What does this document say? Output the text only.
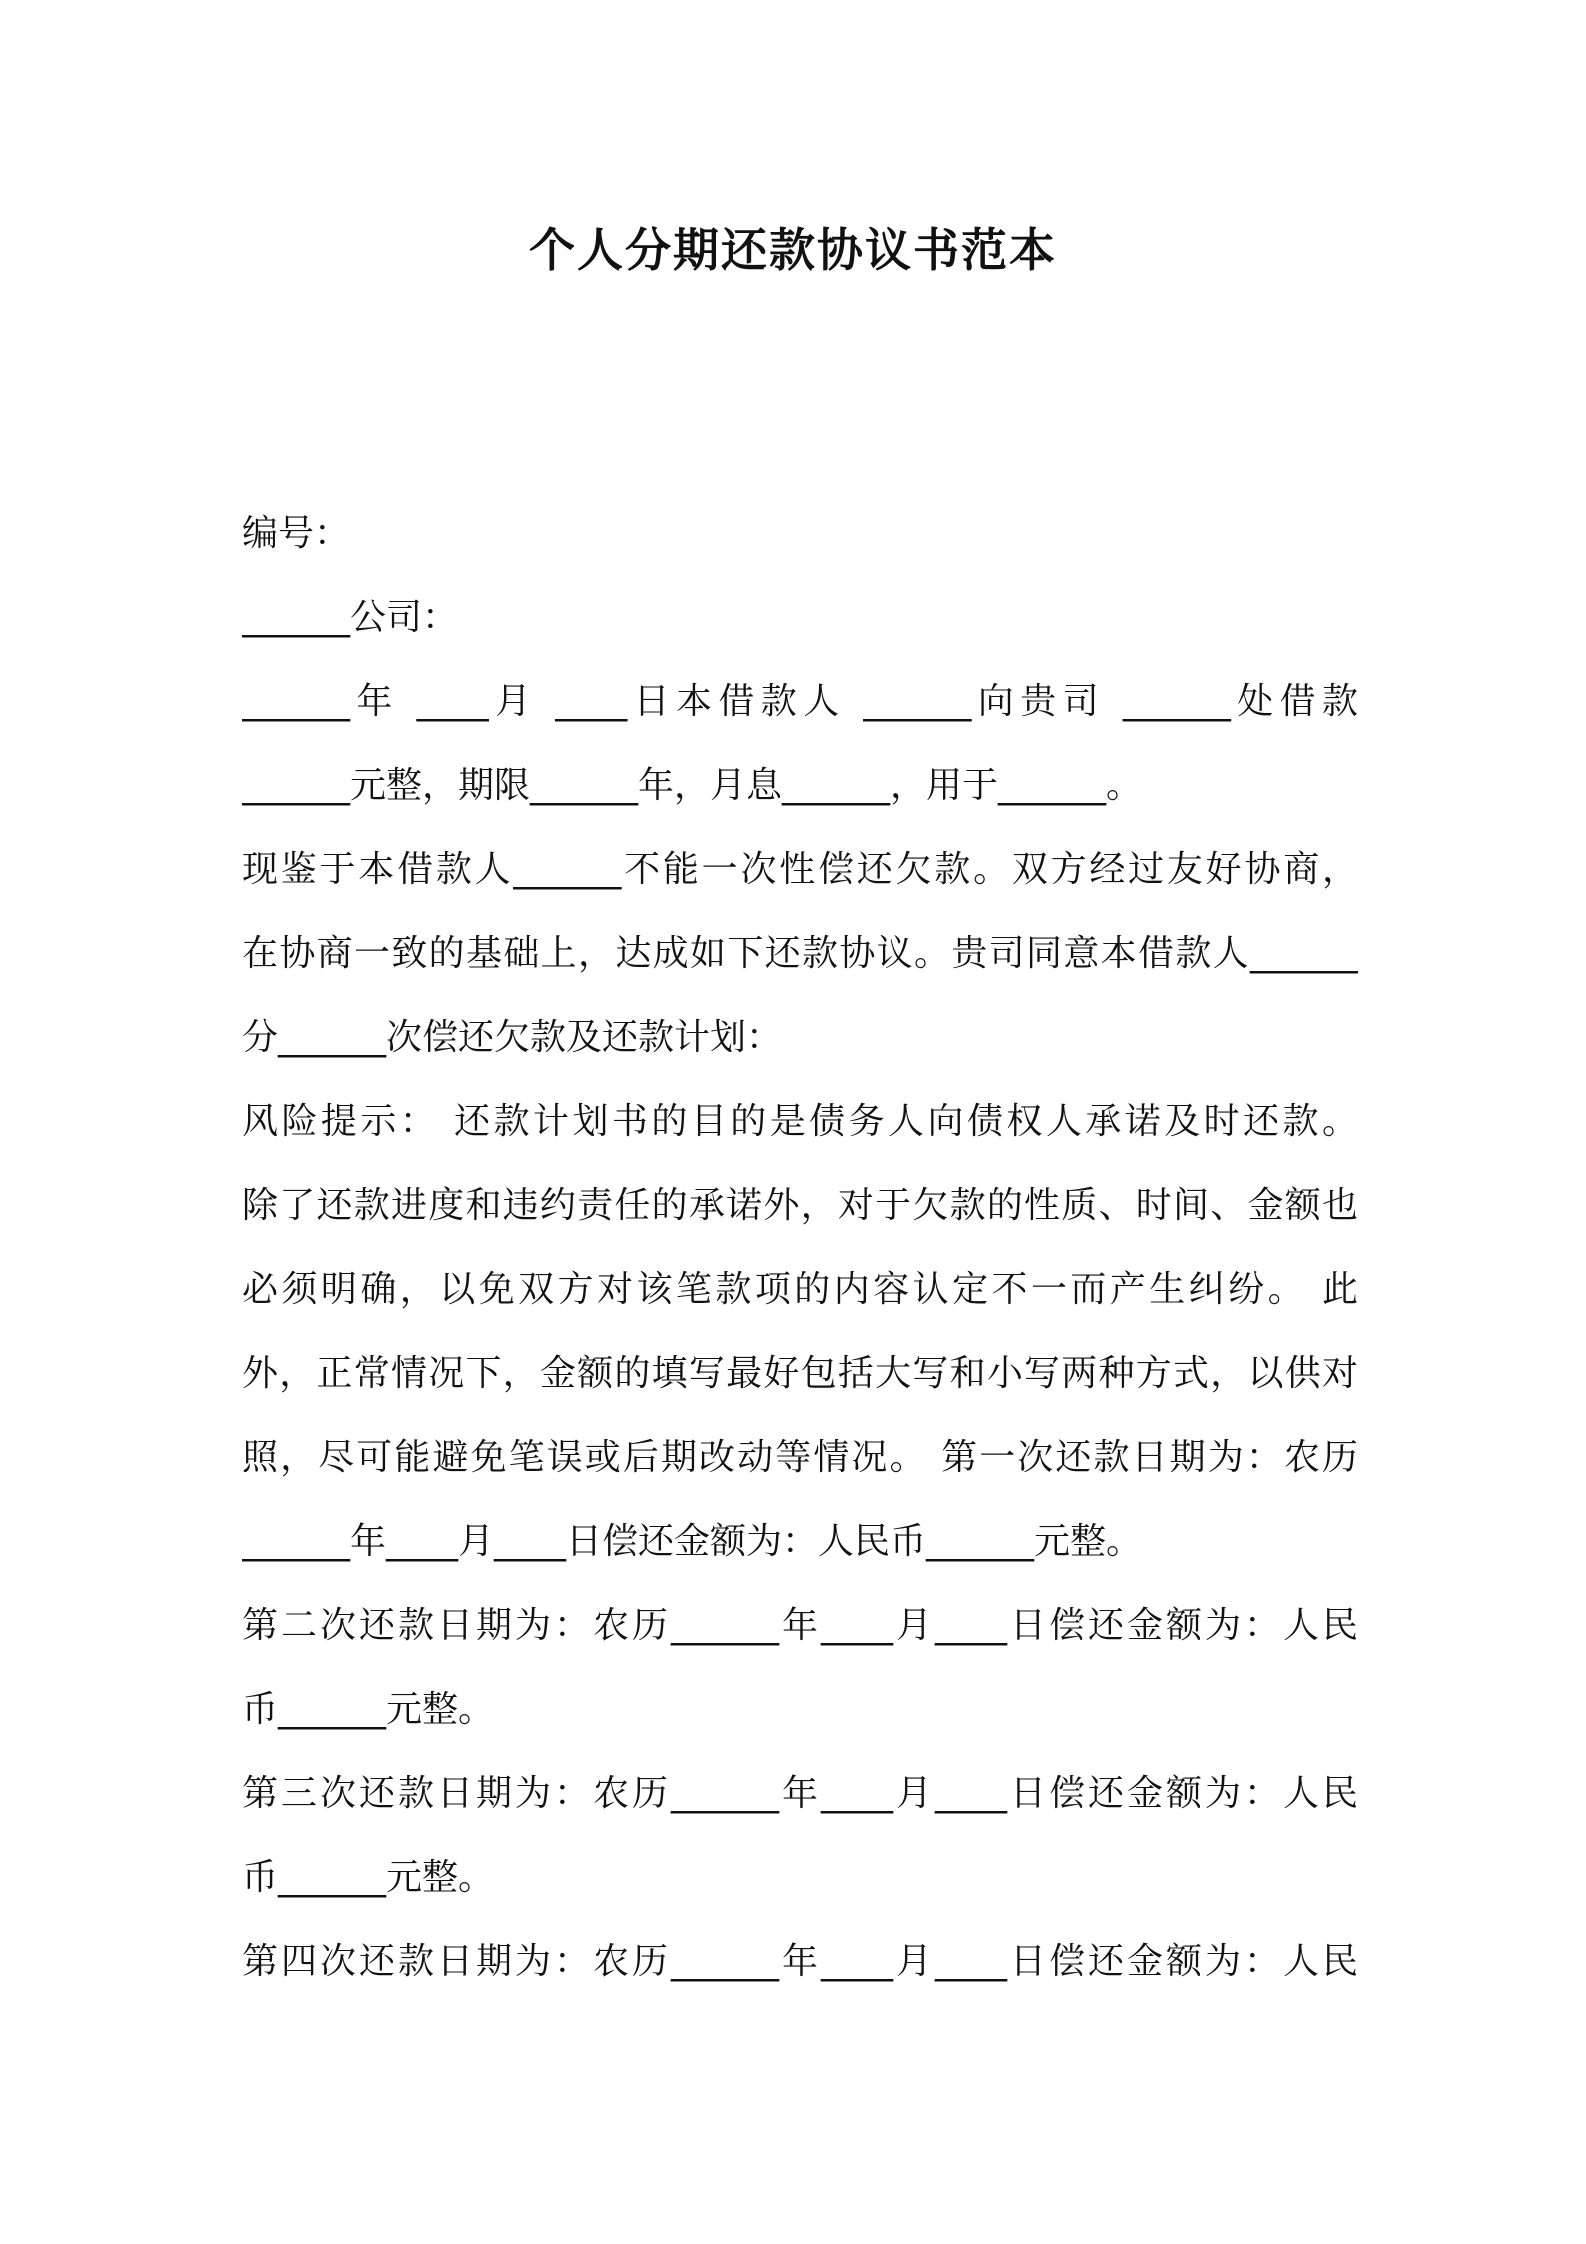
个人分期还款协议书范本
编号：
______公司：
______年 ____月 ____日本借款人 ______向贵司 ______处借款
______元整，期限______年，月息______，用于______。
现鉴于本借款人______不能一次性偿还欠款。双方经过友好协商，
在协商一致的基础上，达成如下还款协议。贵司同意本借款人______
分______次偿还欠款及还款计划：
风险提示： 还款计划书的目的是债务人向债权人承诺及时还款。
除了还款进度和违约责任的承诺外，对于欠款的性质、时间、金额也
必须明确，以免双方对该笔款项的内容认定不一而产生纠纷。 此
外，正常情况下，金额的填写最好包括大写和小写两种方式，以供对
照，尽可能避免笔误或后期改动等情况。 第一次还款日期为：农历
______年____月____日偿还金额为：人民币______元整。
第二次还款日期为：农历______年____月____日偿还金额为：人民
币______元整。
第三次还款日期为：农历______年____月____日偿还金额为：人民
币______元整。
第四次还款日期为：农历______年____月____日偿还金额为：人民
